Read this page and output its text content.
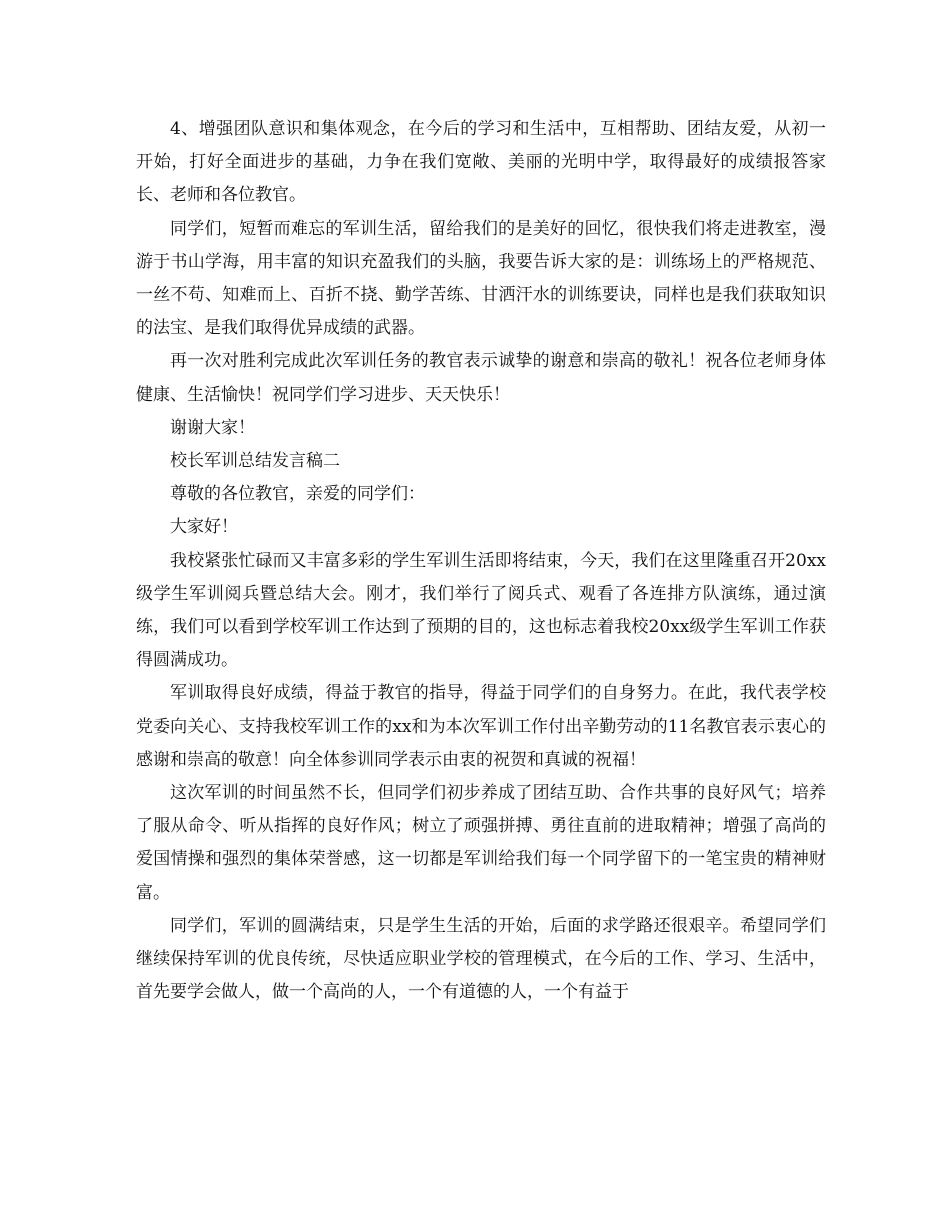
4、增强团队意识和集体观念，在今后的学习和生活中，互相帮助、团结友爱，从初一开始，打好全面进步的基础，力争在我们宽敞、美丽的光明中学，取得最好的成绩报答家长、老师和各位教官。

同学们，短暂而难忘的军训生活，留给我们的是美好的回忆，很快我们将走进教室，漫游于书山学海，用丰富的知识充盈我们的头脑，我要告诉大家的是：训练场上的严格规范、一丝不苟、知难而上、百折不挠、勤学苦练、甘洒汗水的训练要诀，同样也是我们获取知识的法宝、是我们取得优异成绩的武器。

再一次对胜利完成此次军训任务的教官表示诚挚的谢意和崇高的敬礼！祝各位老师身体健康、生活愉快！祝同学们学习进步、天天快乐！

谢谢大家！

校长军训总结发言稿二

尊敬的各位教官，亲爱的同学们：

大家好！

我校紧张忙碌而又丰富多彩的学生军训生活即将结束，今天，我们在这里隆重召开20xx级学生军训阅兵暨总结大会。刚才，我们举行了阅兵式、观看了各连排方队演练，通过演练，我们可以看到学校军训工作达到了预期的目的，这也标志着我校20xx级学生军训工作获得圆满成功。

军训取得良好成绩，得益于教官的指导，得益于同学们的自身努力。在此，我代表学校党委向关心、支持我校军训工作的xx和为本次军训工作付出辛勤劳动的11名教官表示衷心的感谢和崇高的敬意！向全体参训同学表示由衷的祝贺和真诚的祝福！

这次军训的时间虽然不长，但同学们初步养成了团结互助、合作共事的良好风气；培养了服从命令、听从指挥的良好作风；树立了顽强拼搏、勇往直前的进取精神；增强了高尚的爱国情操和强烈的集体荣誉感，这一切都是军训给我们每一个同学留下的一笔宝贵的精神财富。

同学们，军训的圆满结束，只是学生生活的开始，后面的求学路还很艰辛。希望同学们继续保持军训的优良传统，尽快适应职业学校的管理模式，在今后的工作、学习、生活中，首先要学会做人，做一个高尚的人，一个有道德的人，一个有益于
